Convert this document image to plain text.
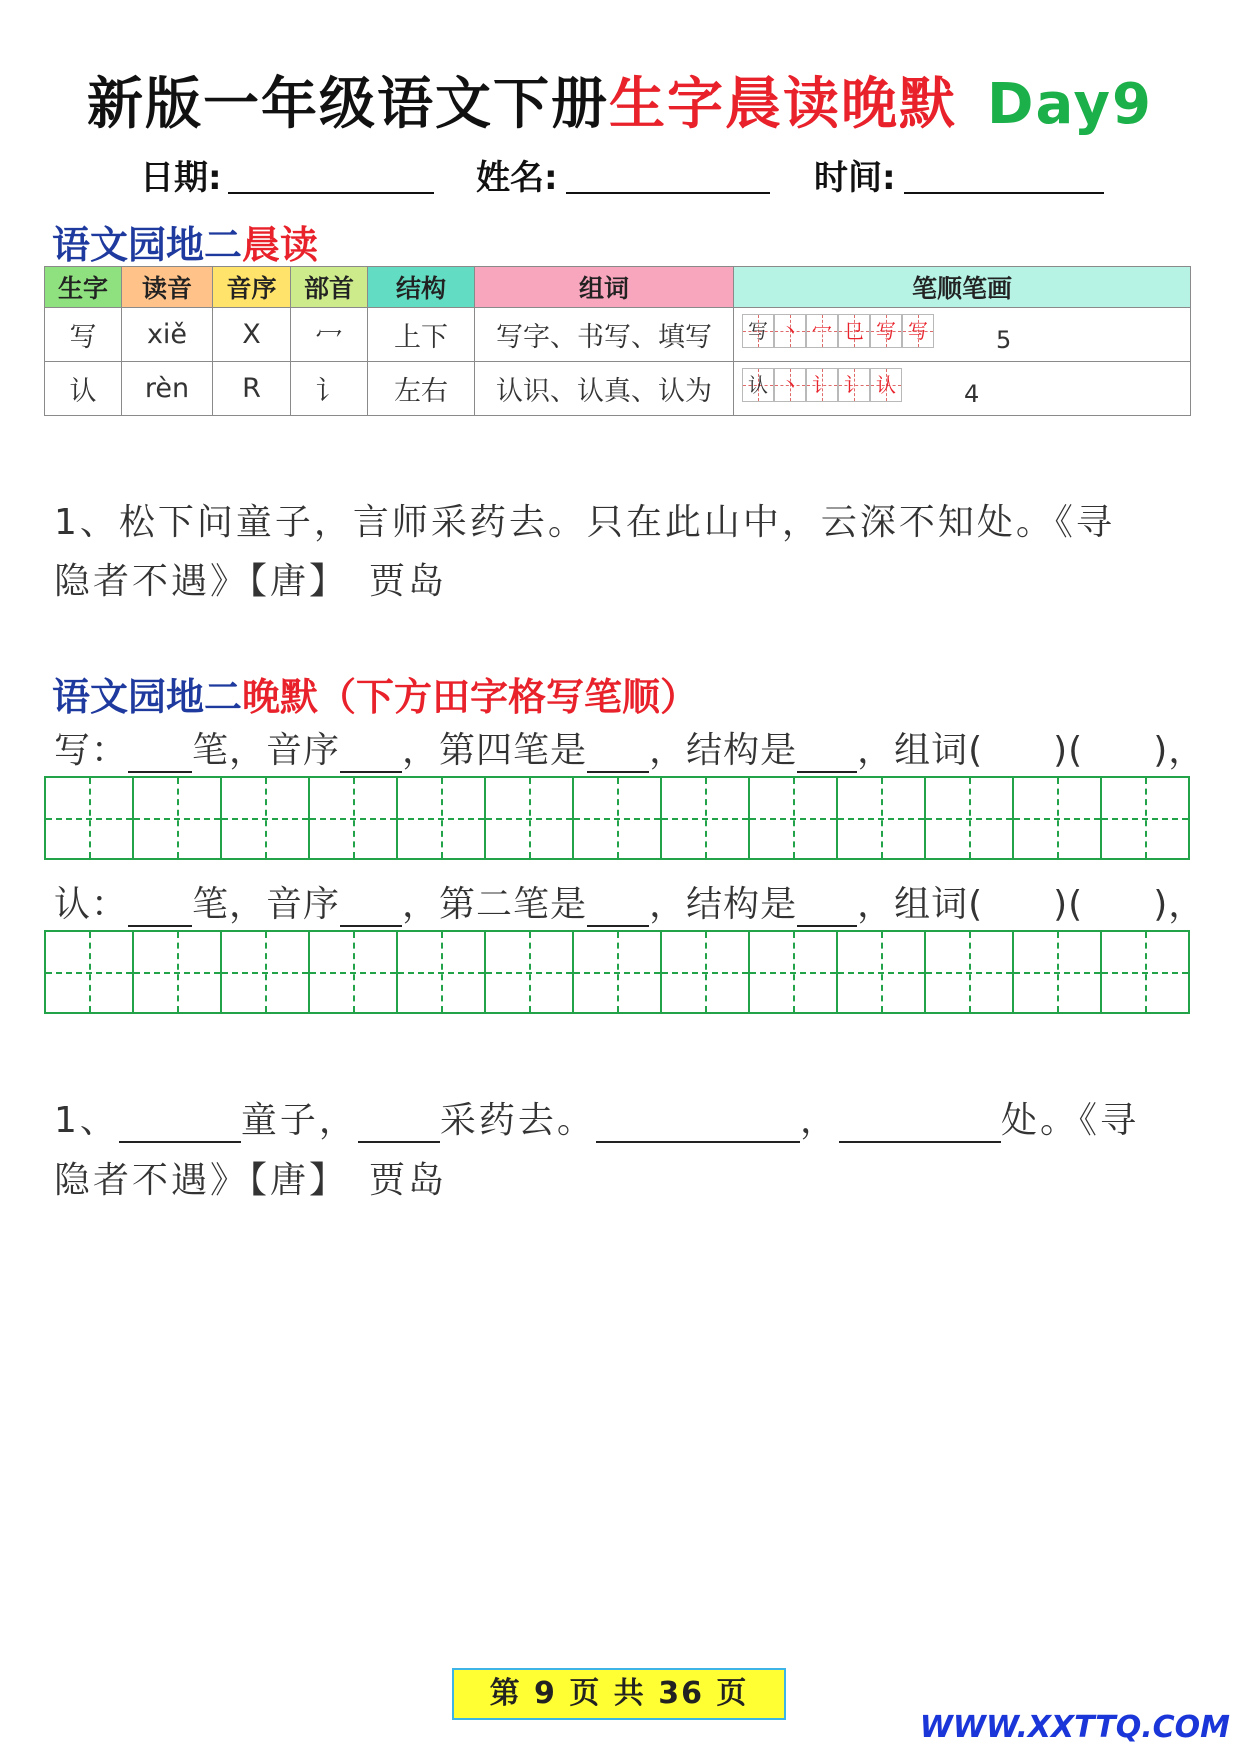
新版一年级语文下册生字晨读晚默 Day9
日期:	姓名:	时间:
语文园地二晨读
生字	读音	音序	部首	结构	组词	笔顺笔画
写	xiě	X	冖	上下	写字、书写、填写	写 丶 冖 㔾 写 写 5

认	rèn	R	讠	左右	认识、认真、认为	认 丶 讠 讠 认 4
1、松下问童子，言师采药去。只在此山中，云深不知处。《寻
隐者不遇》【唐】　贾岛
语文园地二晚默（下方田字格写笔顺）
写： 笔，音序 ，第四笔是 ，结构是 ，组词( )( )，
认： 笔，音序 ，第二笔是 ，结构是 ，组词( )( )，
1、	童子， 采药去。	，	处。《寻
隐者不遇》【唐】　贾岛
第 9 页 共 36 页
WWW.XXTTQ.COM
